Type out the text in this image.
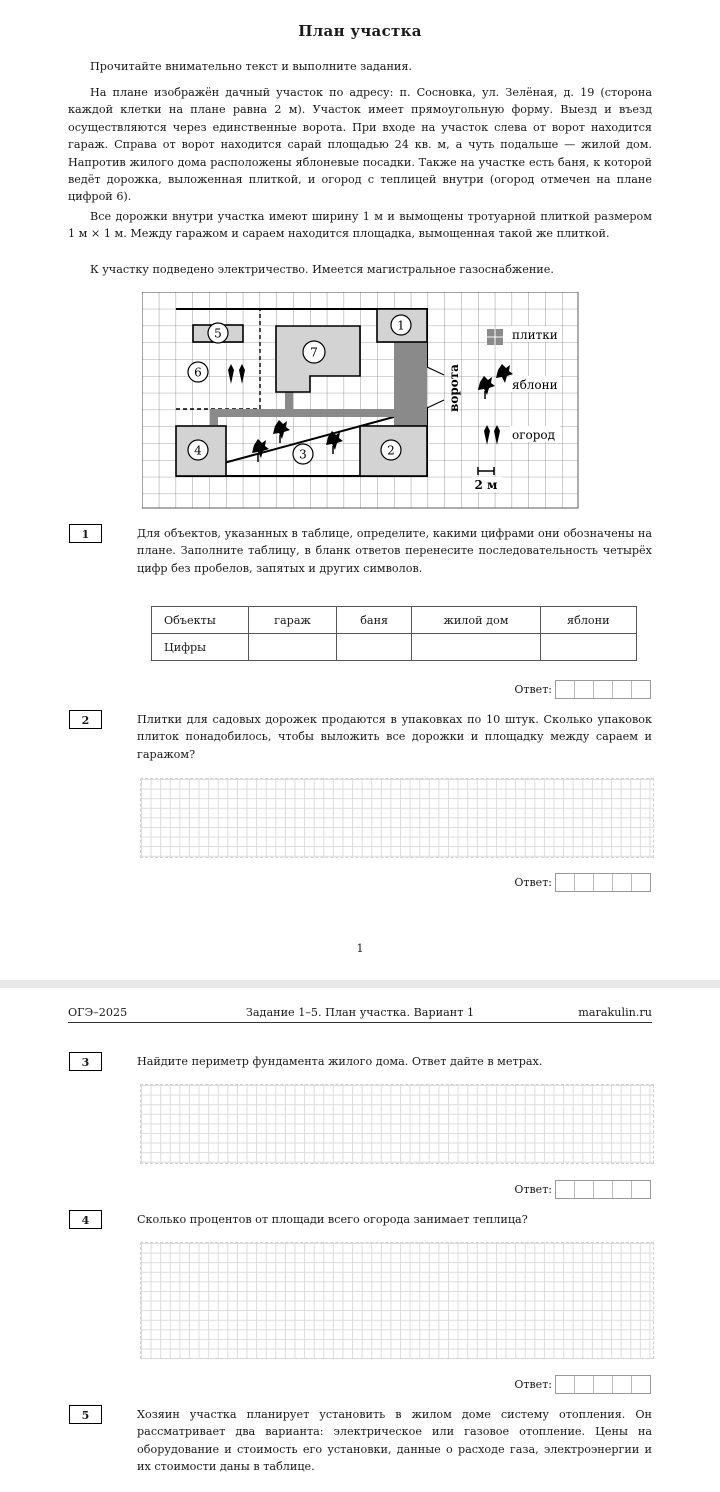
План участка

Прочитайте внимательно текст и выполните задания.

На плане изображён дачный участок по адресу: п. Сосновка, ул. Зелёная, д. 19 (сторона каждой клетки на плане равна 2 м). Участок имеет прямоугольную форму. Выезд и въезд осуществляются через единственные ворота. При входе на участок слева от ворот находится гараж. Справа от ворот находится сарай площадью 24 кв. м, а чуть подальше — жилой дом. Напротив жилого дома расположены яблоневые посадки. Также на участке есть баня, к которой ведёт дорожка, выложенная плиткой, и огород с теплицей внутри (огород отмечен на плане цифрой 6).

Все дорожки внутри участка имеют ширину 1 м и вымощены тротуарной плиткой размером 1 м × 1 м. Между гаражом и сараем находится площадка, вымощенная такой же плиткой.

К участку подведено электричество. Имеется магистральное газоснабжение.

1
2
3
4
5
6
7
ворота
плитки
яблони
огород
2 м
1	Для объектов, указанных в таблице, определите, какими цифрами они обозначены на плане. Заполните таблицу, в бланк ответов перенесите последовательность четырёх цифр без пробелов, запятых и других символов.

Объекты	гараж	баня	жилой дом	яблони
Цифры				
Ответ:
2	Плитки для садовых дорожек продаются в упаковках по 10 штук. Сколько упаковок плиток понадобилось, чтобы выложить все дорожки и площадку между сараем и гаражом?

Ответ:
1
ОГЭ–2025	Задание 1–5. План участка. Вариант 1	marakulin.ru
3	Найдите периметр фундамента жилого дома. Ответ дайте в метрах.

Ответ:
4	Сколько процентов от площади всего огорода занимает теплица?

Ответ:
5	Хозяин участка планирует установить в жилом доме систему отопления. Он рассматривает два варианта: электрическое или газовое отопление. Цены на оборудование и стоимость его установки, данные о расходе газа, электроэнергии и их стоимости даны в таблице.
